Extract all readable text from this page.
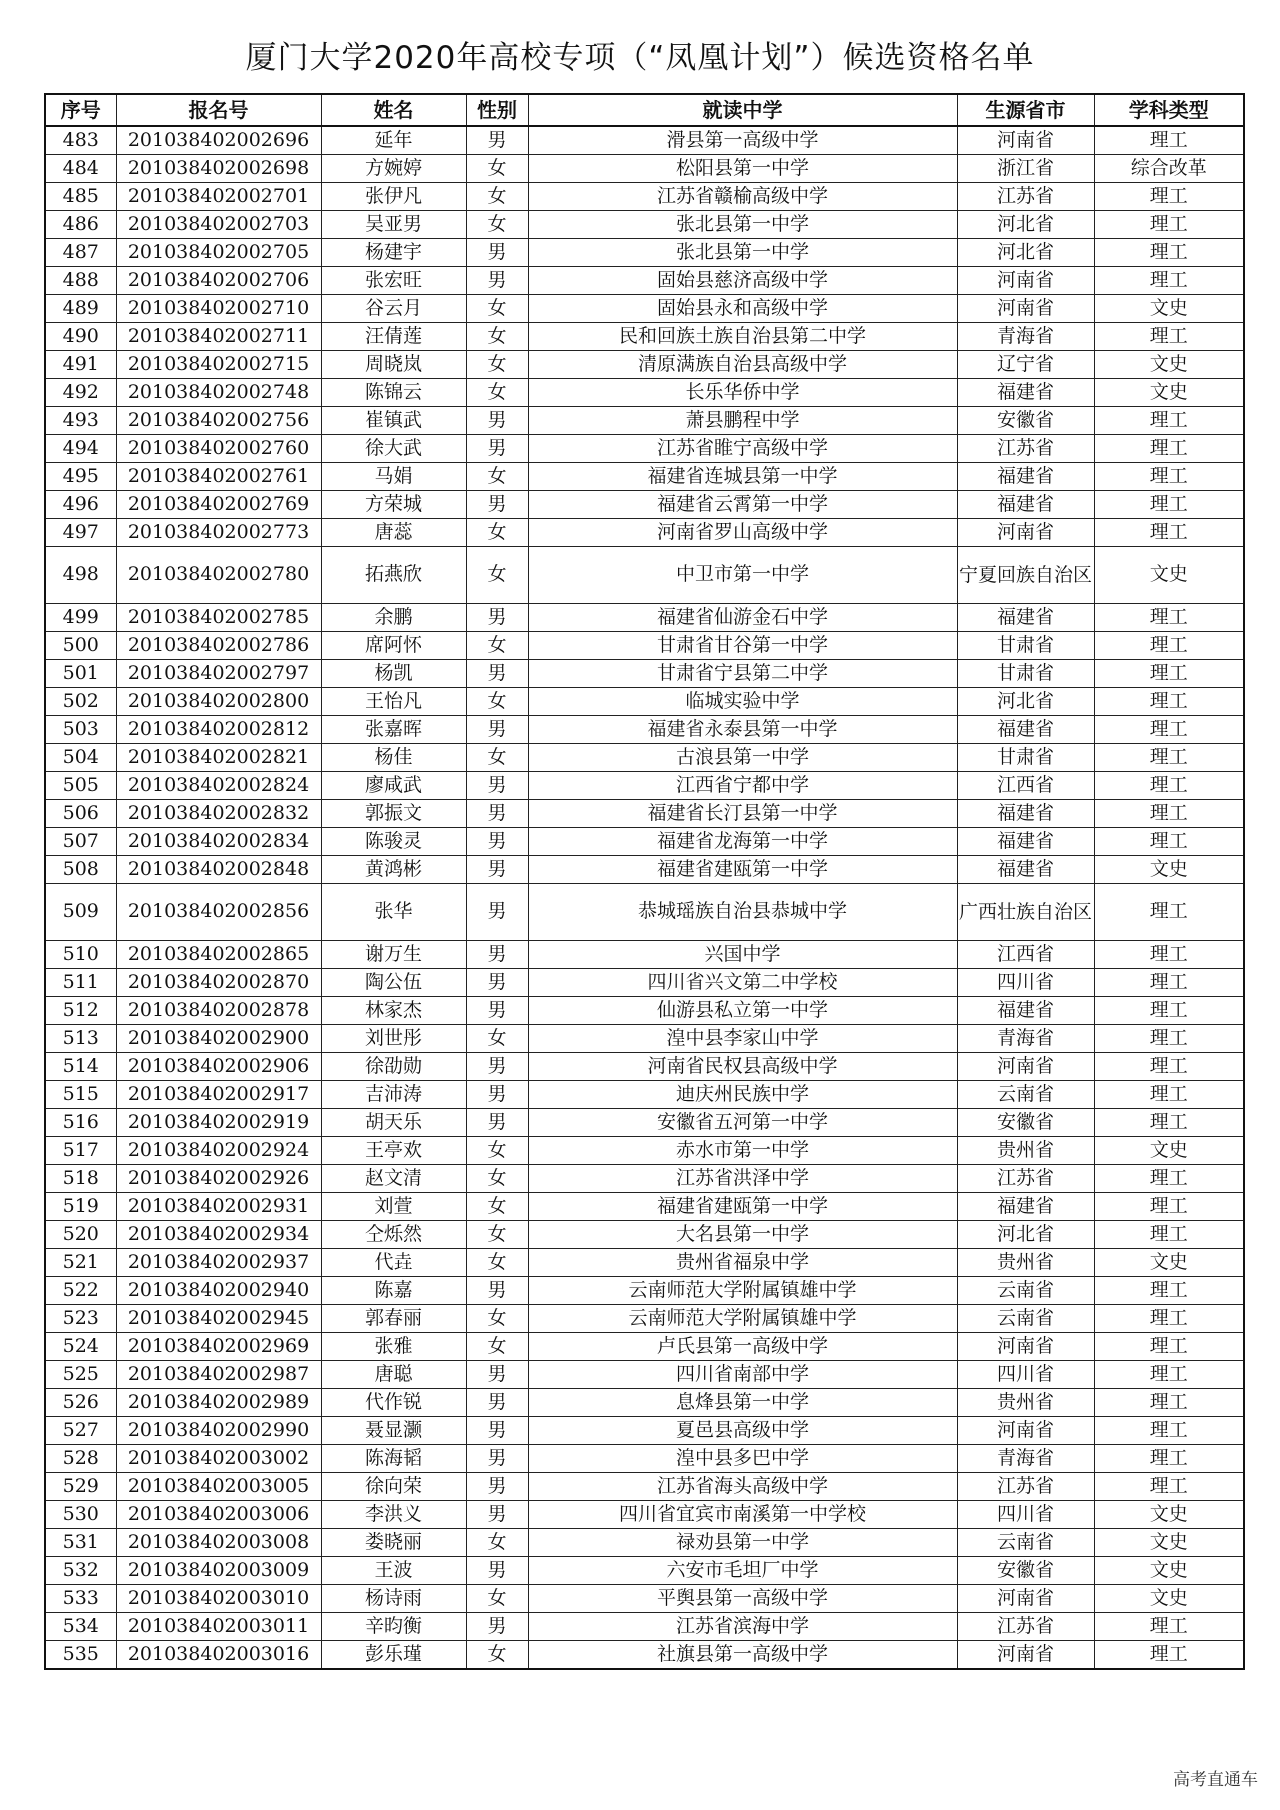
厦门大学2020年高校专项（“凤凰计划”）候选资格名单
序号	报名号	姓名	性别	就读中学	生源省市	学科类型
483	201038402002696	延年	男	滑县第一高级中学	河南省	理工
484	201038402002698	方婉婷	女	松阳县第一中学	浙江省	综合改革
485	201038402002701	张伊凡	女	江苏省赣榆高级中学	江苏省	理工
486	201038402002703	吴亚男	女	张北县第一中学	河北省	理工
487	201038402002705	杨建宇	男	张北县第一中学	河北省	理工
488	201038402002706	张宏旺	男	固始县慈济高级中学	河南省	理工
489	201038402002710	谷云月	女	固始县永和高级中学	河南省	文史
490	201038402002711	汪倩莲	女	民和回族土族自治县第二中学	青海省	理工
491	201038402002715	周晓岚	女	清原满族自治县高级中学	辽宁省	文史
492	201038402002748	陈锦云	女	长乐华侨中学	福建省	文史
493	201038402002756	崔镇武	男	萧县鹏程中学	安徽省	理工
494	201038402002760	徐大武	男	江苏省睢宁高级中学	江苏省	理工
495	201038402002761	马娟	女	福建省连城县第一中学	福建省	理工
496	201038402002769	方荣城	男	福建省云霄第一中学	福建省	理工
497	201038402002773	唐蕊	女	河南省罗山高级中学	河南省	理工
498	201038402002780	拓燕欣	女	中卫市第一中学	宁夏回族自治区	文史
499	201038402002785	余鹏	男	福建省仙游金石中学	福建省	理工
500	201038402002786	席阿怀	女	甘肃省甘谷第一中学	甘肃省	理工
501	201038402002797	杨凯	男	甘肃省宁县第二中学	甘肃省	理工
502	201038402002800	王怡凡	女	临城实验中学	河北省	理工
503	201038402002812	张嘉晖	男	福建省永泰县第一中学	福建省	理工
504	201038402002821	杨佳	女	古浪县第一中学	甘肃省	理工
505	201038402002824	廖咸武	男	江西省宁都中学	江西省	理工
506	201038402002832	郭振文	男	福建省长汀县第一中学	福建省	理工
507	201038402002834	陈骏灵	男	福建省龙海第一中学	福建省	理工
508	201038402002848	黄鸿彬	男	福建省建瓯第一中学	福建省	文史
509	201038402002856	张华	男	恭城瑶族自治县恭城中学	广西壮族自治区	理工
510	201038402002865	谢万生	男	兴国中学	江西省	理工
511	201038402002870	陶公伍	男	四川省兴文第二中学校	四川省	理工
512	201038402002878	林家杰	男	仙游县私立第一中学	福建省	理工
513	201038402002900	刘世彤	女	湟中县李家山中学	青海省	理工
514	201038402002906	徐劭勋	男	河南省民权县高级中学	河南省	理工
515	201038402002917	吉沛涛	男	迪庆州民族中学	云南省	理工
516	201038402002919	胡天乐	男	安徽省五河第一中学	安徽省	理工
517	201038402002924	王亭欢	女	赤水市第一中学	贵州省	文史
518	201038402002926	赵文清	女	江苏省洪泽中学	江苏省	理工
519	201038402002931	刘萱	女	福建省建瓯第一中学	福建省	理工
520	201038402002934	仝烁然	女	大名县第一中学	河北省	理工
521	201038402002937	代垚	女	贵州省福泉中学	贵州省	文史
522	201038402002940	陈嘉	男	云南师范大学附属镇雄中学	云南省	理工
523	201038402002945	郭春丽	女	云南师范大学附属镇雄中学	云南省	理工
524	201038402002969	张雅	女	卢氏县第一高级中学	河南省	理工
525	201038402002987	唐聪	男	四川省南部中学	四川省	理工
526	201038402002989	代作锐	男	息烽县第一中学	贵州省	理工
527	201038402002990	聂显灏	男	夏邑县高级中学	河南省	理工
528	201038402003002	陈海韬	男	湟中县多巴中学	青海省	理工
529	201038402003005	徐向荣	男	江苏省海头高级中学	江苏省	理工
530	201038402003006	李洪义	男	四川省宜宾市南溪第一中学校	四川省	文史
531	201038402003008	娄晓丽	女	禄劝县第一中学	云南省	文史
532	201038402003009	王波	男	六安市毛坦厂中学	安徽省	文史
533	201038402003010	杨诗雨	女	平舆县第一高级中学	河南省	文史
534	201038402003011	辛昀衡	男	江苏省滨海中学	江苏省	理工
535	201038402003016	彭乐瑾	女	社旗县第一高级中学	河南省	理工
高考直通车
